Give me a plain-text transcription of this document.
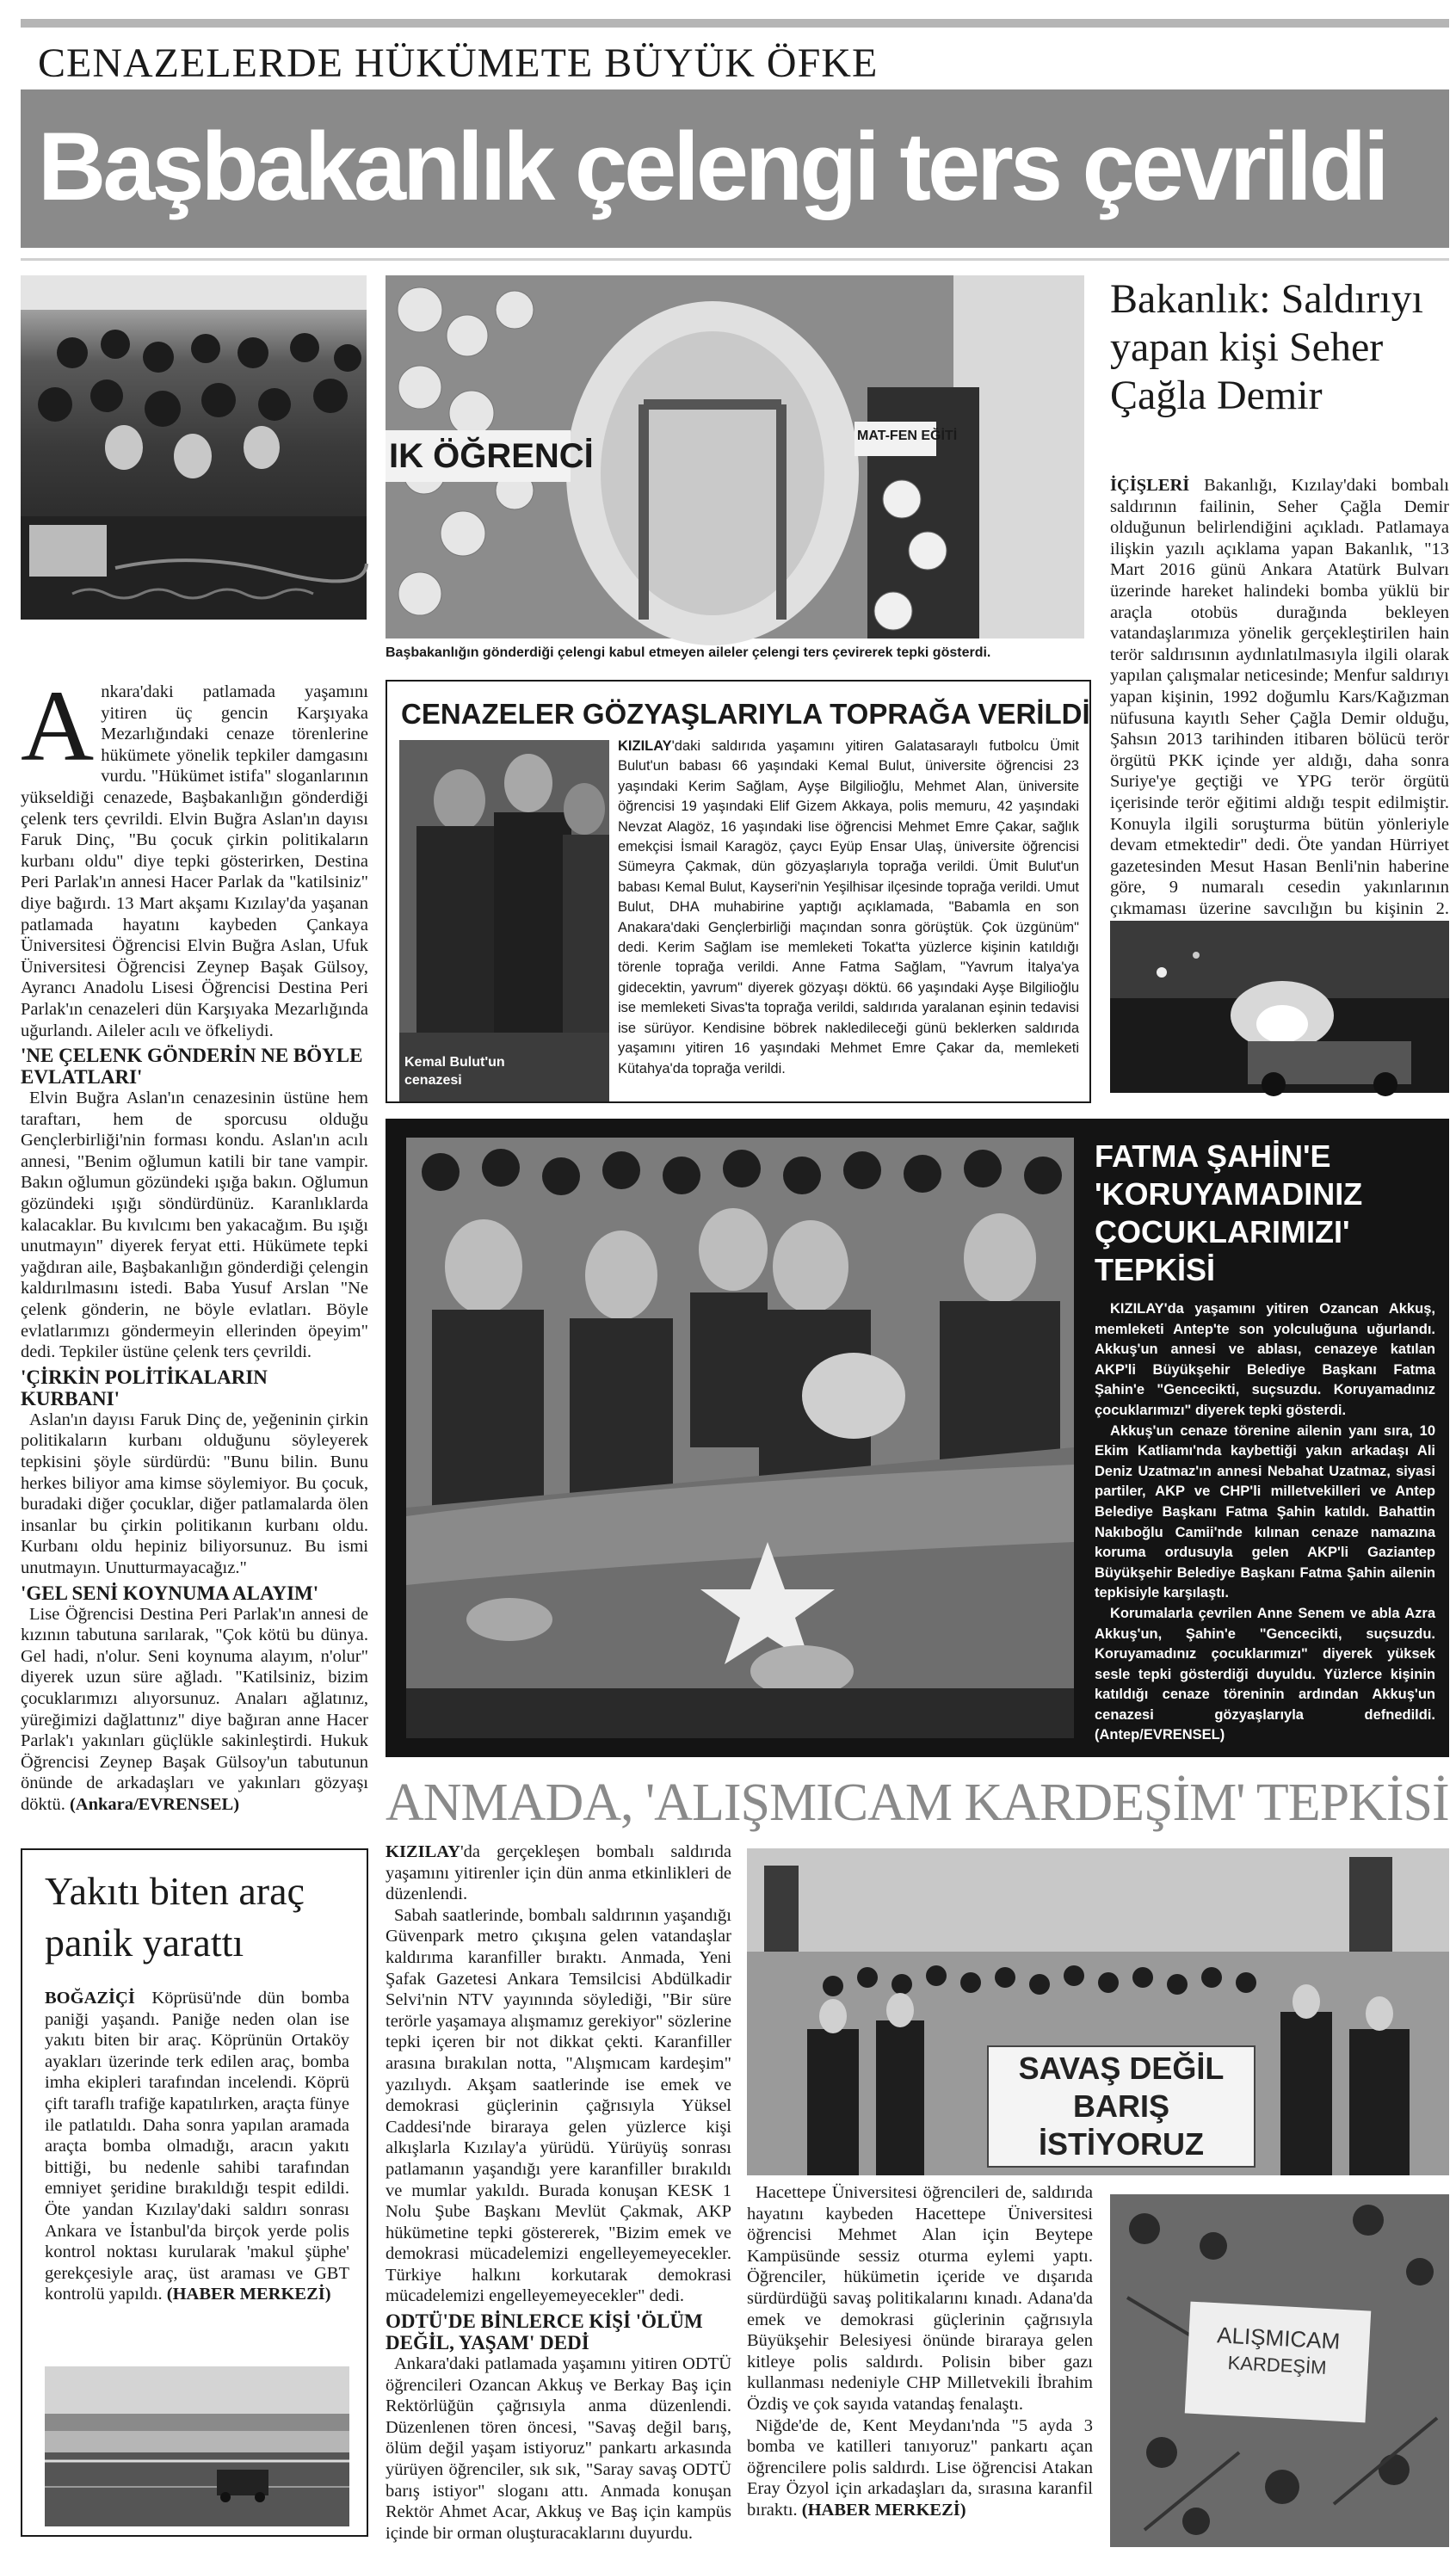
CENAZELERDE HÜKÜMETE BÜYÜK ÖFKE
Başbakanlık çelengi ters çevrildi
IK ÖĞRENCİ
MAT-FEN EĞİTİ
Başbakanlığın gönderdiği çelengi kabul etmeyen aileler çelengi ters çevirerek tepki gösterdi.
A nkara'daki patlamada yaşamını yitiren üç gencin Karşıyaka Mezarlığındaki cenaze törenlerine hükümete yönelik tepkiler damgasını vurdu. "Hükümet istifa" sloganlarının yükseldiği cenazede, Başbakanlığın gönderdiği çelenk ters çevrildi. Elvin Buğra Aslan'ın dayısı Faruk Dinç, "Bu çocuk çirkin politikaların kurbanı oldu" diye tepki gösterirken, Destina Peri Parlak'ın annesi Hacer Parlak da "katilsiniz" diye bağırdı. 13 Mart akşamı Kızılay'da yaşanan patlamada hayatını kaybeden Çankaya Üniversitesi Öğrencisi Elvin Buğra Aslan, Ufuk Üniversitesi Öğrencisi Zeynep Başak Gülsoy, Ayrancı Anadolu Lisesi Öğrencisi Destina Peri Parlak'ın cenazeleri dün Karşıyaka Mezarlığında uğurlandı. Aileler acılı ve öfkeliydi.

'NE ÇELENK GÖNDERİN NE BÖYLE EVLATLARI'

Elvin Buğra Aslan'ın cenazesinin üstüne hem taraftarı, hem de sporcusu olduğu Gençlerbirliği'nin forması kondu. Aslan'ın acılı annesi, "Benim oğlumun katili bir tane vampir. Bakın oğlumun gözündeki ışığa bakın. Oğlumun gözündeki ışığı söndürdünüz. Karanlıklarda kalacaklar. Bu kıvılcımı ben yakacağım. Bu ışığı unutmayın" diyerek feryat etti. Hükümete tepki yağdıran aile, Başbakanlığın gönderdiği çelengin kaldırılmasını istedi. Baba Yusuf Arslan "Ne çelenk gönderin, ne böyle evlatları. Böyle evlatlarımızı göndermeyin ellerinden öpeyim" dedi. Tepkiler üstüne çelenk ters çevrildi.

'ÇİRKİN POLİTİKALARIN KURBANI'

Aslan'ın dayısı Faruk Dinç de, yeğeninin çirkin politikaların kurbanı olduğunu söyleyerek tepkisini şöyle sürdürdü: "Bunu bilin. Bunu herkes biliyor ama kimse söylemiyor. Bu çocuk, buradaki diğer çocuklar, diğer patlamalarda ölen insanlar bu çirkin politikanın kurbanı oldu. Kurbanı oldu hepiniz biliyorsunuz. Bu ismi unutmayın. Unutturmayacağız."

'GEL SENİ KOYNUMA ALAYIM'

Lise Öğrencisi Destina Peri Parlak'ın annesi de kızının tabutuna sarılarak, "Çok kötü bu dünya. Gel hadi, n'olur. Seni koynuma alayım, n'olur" diyerek uzun süre ağladı. "Katilsiniz, bizim çocuklarımızı alıyorsunuz. Anaları ağlatınız, yüreğimizi dağlattınız" diye bağıran anne Hacer Parlak'ı yakınları güçlükle sakinleştirdi. Hukuk Öğrencisi Zeynep Başak Gülsoy'un tabutunun önünde de arkadaşları ve yakınları gözyaşı döktü. (Ankara/EVRENSEL)

CENAZELER GÖZYAŞLARIYLA TOPRAĞA VERİLDİ
Kemal Bulut'un cenazesi

KIZILAY'daki saldırıda yaşamını yitiren Galatasaraylı futbolcu Ümit Bulut'un babası 66 yaşındaki Kemal Bulut, üniversite öğrencisi 23 yaşındaki Kerim Sağlam, Ayşe Bilgilioğlu, Mehmet Alan, üniversite öğrencisi 19 yaşındaki Elif Gizem Akkaya, polis memuru, 42 yaşındaki Nevzat Alagöz, 16 yaşındaki lise öğrencisi Mehmet Emre Çakar, sağlık emekçisi İsmail Karagöz, çaycı Eyüp Ensar Ulaş, üniversite öğrencisi Sümeyra Çakmak, dün gözyaşlarıyla toprağa verildi. Ümit Bulut'un babası Kemal Bulut, Kayseri'nin Yeşilhisar ilçesinde toprağa verildi. Umut Bulut, DHA muhabirine yaptığı açıklamada, "Babamla en son Anakara'daki Gençlerbirliği maçından sonra görüştük. Çok üzgünüm" dedi. Kerim Sağlam ise memleketi Tokat'ta yüzlerce kişinin katıldığı törenle toprağa verildi. Anne Fatma Sağlam, "Yavrum İtalya'ya gidecektin, yavrum" diyerek gözyaşı döktü. 66 yaşındaki Ayşe Bilgilioğlu ise memleketi Sivas'ta toprağa verildi, saldırıda yaralanan eşinin tedavisi ise sürüyor. Kendisine böbrek nakledileceği günü beklerken saldırıda yaşamını yitiren 16 yaşındaki Mehmet Emre Çakar da, memleketi Kütahya'da toprağa verildi.

Bakanlık: Saldırıyı yapan kişi Seher Çağla Demir

İÇİŞLERİ Bakanlığı, Kızılay'daki bombalı saldırının failinin, Seher Çağla Demir olduğunun belirlendiğini açıkladı. Patlamaya ilişkin yazılı açıklama yapan Bakanlık, "13 Mart 2016 günü Ankara Atatürk Bulvarı üzerinde hareket halindeki bomba yüklü bir araçla otobüs durağında bekleyen vatandaşlarımıza yönelik gerçekleştirilen hain terör saldırısının aydınlatılmasıyla ilgili olarak yapılan çalışmalar neticesinde; Menfur saldırıyı yapan kişinin, 1992 doğumlu Kars/Kağızman nüfusuna kayıtlı Seher Çağla Demir olduğu, Şahsın 2013 tarihinden itibaren bölücü terör örgütü PKK içinde yer aldığı, daha sonra Suriye'ye geçtiği ve YPG terör örgütü içerisinde terör eğitimi aldığı tespit edilmiştir. Konuyla ilgili soruşturma bütün yönleriyle devam etmektedir" dedi. Öte yandan Hürriyet gazetesinden Mesut Hasan Benli'nin haberine göre, 9 numaralı cesedin yakınlarının çıkmaması üzerine savcılığın bu kişinin 2.

FATMA ŞAHİN'E
'KORUYAMADINIZ
ÇOCUKLARIMIZI'
TEPKİSİ

KIZILAY'da yaşamını yitiren Ozancan Akkuş, memleketi Antep'te son yolculuğuna uğurlandı. Akkuş'un annesi ve ablası, cenazeye katılan AKP'li Büyükşehir Belediye Başkanı Fatma Şahin'e "Gencecikti, suçsuzdu. Koruyamadınız çocuklarımızı" diyerek tepki gösterdi.

Akkuş'un cenaze törenine ailenin yanı sıra, 10 Ekim Katliamı'nda kaybettiği yakın arkadaşı Ali Deniz Uzatmaz'ın annesi Nebahat Uzatmaz, siyasi partiler, AKP ve CHP'li milletvekilleri ve Antep Belediye Başkanı Fatma Şahin katıldı. Bahattin Nakıboğlu Camii'nde kılınan cenaze namazına koruma ordusuyla gelen AKP'li Gaziantep Büyükşehir Belediye Başkanı Fatma Şahin ailenin tepkisiyle karşılaştı.

Korumalarla çevrilen Anne Senem ve abla Azra Akkuş'un, Şahin'e "Gencecikti, suçsuzdu. Koruyamadınız çocuklarımızı" diyerek yüksek sesle tepki gösterdiği duyuldu. Yüzlerce kişinin katıldığı cenaze töreninin ardından Akkuş'un cenazesi gözyaşlarıyla defnedildi. (Antep/EVRENSEL)

ANMADA, 'ALIŞMICAM KARDEŞİM' TEPKİSİ

KIZILAY'da gerçekleşen bombalı saldırıda yaşamını yitirenler için dün anma etkinlikleri de düzenlendi.

Sabah saatlerinde, bombalı saldırının yaşandığı Güvenpark metro çıkışına gelen vatandaşlar kaldırıma karanfiller bıraktı. Anmada, Yeni Şafak Gazetesi Ankara Temsilcisi Abdülkadir Selvi'nin NTV yayınında söylediği, "Bir süre terörle yaşamaya alışmamız gerekiyor" sözlerine tepki içeren bir not dikkat çekti. Karanfiller arasına bırakılan notta, "Alışmıcam kardeşim" yazılıydı. Akşam saatlerinde ise emek ve demokrasi güçlerinin çağrısıyla Yüksel Caddesi'nde biraraya gelen yüzlerce kişi alkışlarla Kızılay'a yürüdü. Yürüyüş sonrası patlamanın yaşandığı yere karanfiller bırakıldı ve mumlar yakıldı. Burada konuşan KESK 1 Nolu Şube Başkanı Mevlüt Çakmak, AKP hükümetine tepki göstererek, "Bizim emek ve demokrasi mücadelemizi engelleyemeyecekler. Türkiye halkını korkutarak demokrasi mücadelemizi engelleyemeyecekler" dedi.

ODTÜ'DE BİNLERCE KİŞİ 'ÖLÜM DEĞİL, YAŞAM' DEDİ

Ankara'daki patlamada yaşamını yitiren ODTÜ öğrencileri Ozancan Akkuş ve Berkay Baş için Rektörlüğün çağrısıyla anma düzenlendi. Düzenlenen tören öncesi, "Savaş değil barış, ölüm değil yaşam istiyoruz" pankartı arkasında yürüyen öğrenciler, sık sık, "Saray savaş ODTÜ barış istiyor" sloganı attı. Anmada konuşan Rektör Ahmet Acar, Akkuş ve Baş için kampüs içinde bir orman oluşturacaklarını duyurdu.

SAVAŞ DEĞİL
BARIŞ
İSTİYORUZ

Hacettepe Üniversitesi öğrencileri de, saldırıda hayatını kaybeden Hacettepe Üniversitesi öğrencisi Mehmet Alan için Beytepe Kampüsünde sessiz oturma eylemi yaptı. Öğrenciler, hükümetin içeride ve dışarıda sürdürdüğü savaş politikalarını kınadı. Adana'da emek ve demokrasi güçlerinin çağrısıyla Büyükşehir Belesiyesi önünde biraraya gelen kitleye polis saldırdı. Polisin biber gazı kullanması nedeniyle CHP Milletvekili İbrahim Özdiş ve çok sayıda vatandaş fenalaştı.

Niğde'de de, Kent Meydanı'nda "5 ayda 3 bomba ve katilleri tanıyoruz" pankartı açan öğrencilere polis saldırdı. Lise öğrencisi Atakan Eray Özyol için arkadaşları da, sırasına karanfil bıraktı. (HABER MERKEZİ)

ALIŞMICAM
KARDEŞİM
Yakıtı biten araç panik yarattı

BOĞAZİÇİ Köprüsü'nde dün bomba paniği yaşandı. Paniğe neden olan ise yakıtı biten bir araç. Köprünün Ortaköy ayakları üzerinde terk edilen araç, bomba imha ekipleri tarafından incelendi. Köprü çift taraflı trafiğe kapatılırken, araçta fünye ile patlatıldı. Daha sonra yapılan aramada araçta bomba olmadığı, aracın yakıtı bittiği, bu nedenle sahibi tarafından emniyet şeridine bırakıldığı tespit edildi. Öte yandan Kızılay'daki saldırı sonrası Ankara ve İstanbul'da birçok yerde polis kontrol noktası kurularak 'makul şüphe' gerekçesiyle araç, üst araması ve GBT kontrolü yapıldı. (HABER MERKEZİ)
